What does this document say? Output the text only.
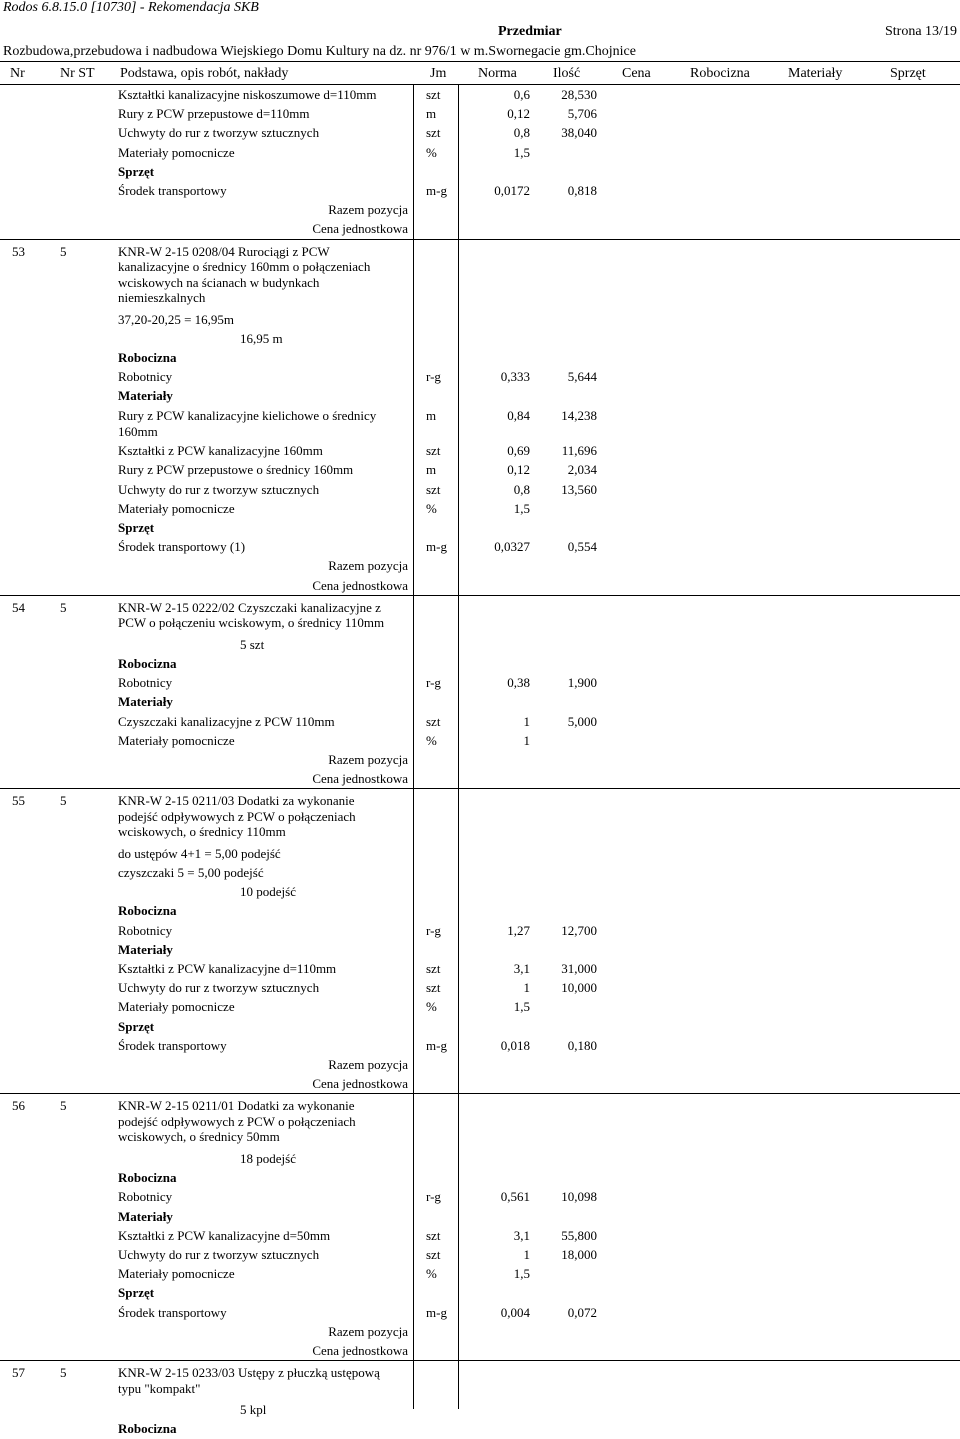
Rodos 6.8.15.0 [10730] - Rekomendacja SKB
Przedmiar	Strona 13/19
Rozbudowa,przebudowa i nadbudowa Wiejskiego Domu Kultury na dz. nr 976/1 w m.Swornegacie gm.Chojnice
Nr	Nr ST Podstawa, opis robót, nakłady	Jm Norma	Ilość	Cena	Robocizna	Materiały	Sprzęt
Kształtki kanalizacyjne niskoszumowe d=110mm	szt	0,6 28,530
Rury z PCW przepustowe d=110mm	m	0,12	5,706
Uchwyty do rur z tworzyw sztucznych	szt	0,8 38,040
Materiały pomocnicze	%	1,5
Sprzęt
Środek transportowy	m-g	0,0172	0,818
Razem pozycja
Cena jednostkowa
53	5	KNR-W 2-15 0208/04 Rurociągi z PCW
kanalizacyjne o średnicy 160mm o połączeniach
wciskowych na ścianach w budynkach
niemieszkalnych
37,20-20,25 = 16,95m
16,95 m
Robocizna
Robotnicy	r-g	0,333	5,644
Materiały
Rury z PCW kanalizacyjne kielichowe o średnicy
160mm
m	0,84 14,238
Kształtki z PCW kanalizacyjne 160mm	szt	0,69 11,696
Rury z PCW przepustowe o średnicy 160mm	m	0,12	2,034
Uchwyty do rur z tworzyw sztucznych	szt	0,8 13,560
Materiały pomocnicze	%	1,5
Sprzęt
Środek transportowy (1)	m-g	0,0327	0,554
Razem pozycja
Cena jednostkowa
54	5	KNR-W 2-15 0222/02 Czyszczaki kanalizacyjne z
PCW o połączeniu wciskowym, o średnicy 110mm
5 szt
Robocizna
Robotnicy	r-g	0,38	1,900
Materiały
Czyszczaki kanalizacyjne z PCW 110mm	szt	1	5,000
Materiały pomocnicze	%	1
Razem pozycja
Cena jednostkowa
55	5	KNR-W 2-15 0211/03 Dodatki za wykonanie
podejść odpływowych z PCW o połączeniach
wciskowych, o średnicy 110mm
do ustępów 4+1 = 5,00 podejść
czyszczaki 5 = 5,00 podejść
10 podejść
Robocizna
Robotnicy	r-g	1,27 12,700
Materiały
Kształtki z PCW kanalizacyjne d=110mm	szt	3,1 31,000
Uchwyty do rur z tworzyw sztucznych	szt	1 10,000
Materiały pomocnicze	%	1,5
Sprzęt
Środek transportowy	m-g	0,018	0,180
Razem pozycja
Cena jednostkowa
56	5	KNR-W 2-15 0211/01 Dodatki za wykonanie
podejść odpływowych z PCW o połączeniach
wciskowych, o średnicy 50mm
18 podejść
Robocizna
Robotnicy	r-g	0,561 10,098
Materiały
Kształtki z PCW kanalizacyjne d=50mm	szt	3,1 55,800
Uchwyty do rur z tworzyw sztucznych	szt	1 18,000
Materiały pomocnicze	%	1,5
Sprzęt
Środek transportowy	m-g	0,004	0,072
Razem pozycja
Cena jednostkowa
57	5	KNR-W 2-15 0233/03 Ustępy z płuczką ustępową
typu "kompakt"
5 kpl
Robocizna
